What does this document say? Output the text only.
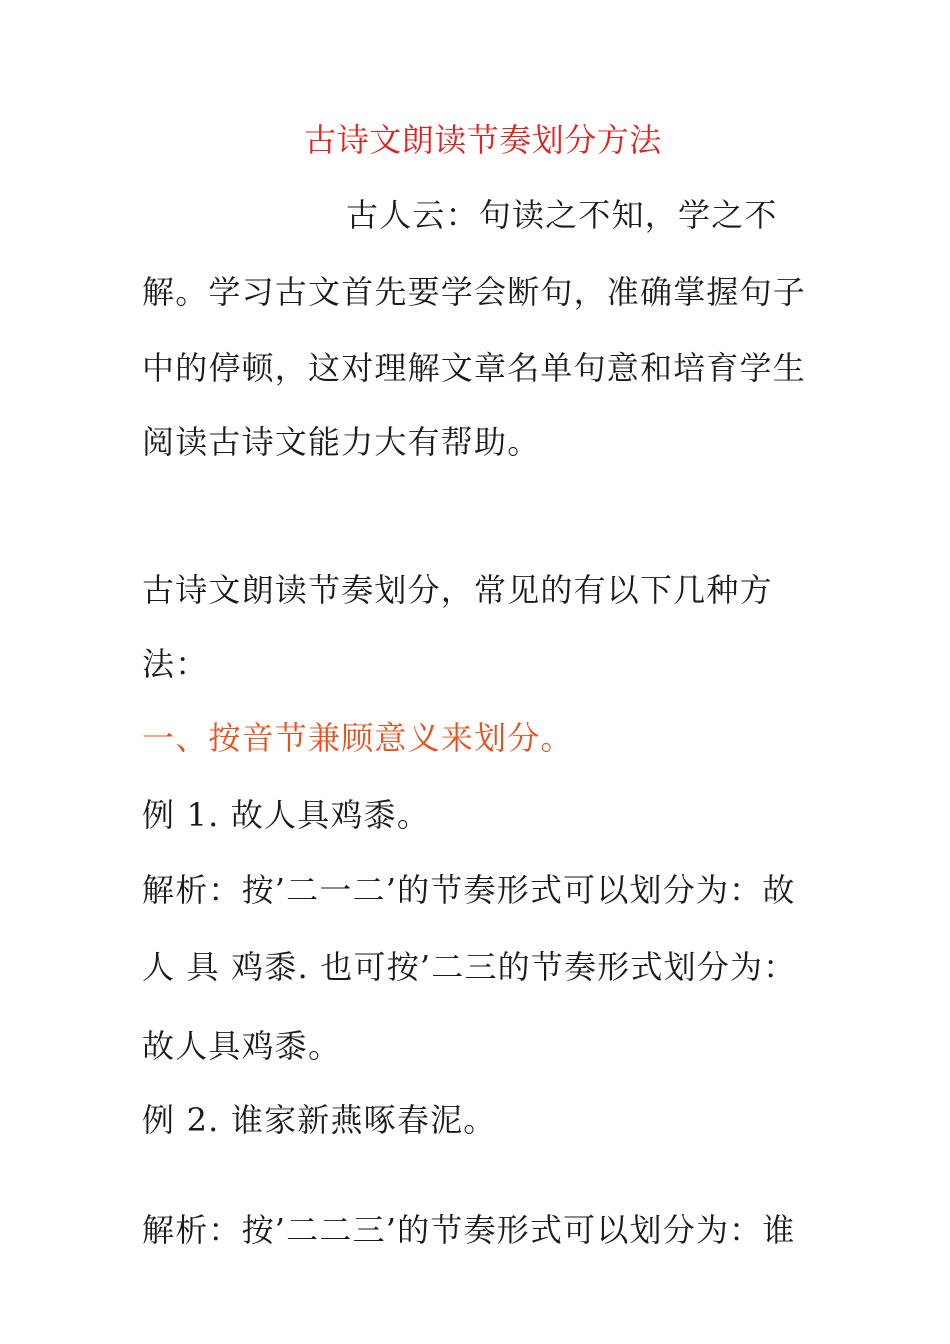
古诗文朗读节奏划分方法
古人云：句读之不知，学之不
解。学习古文首先要学会断句，准确掌握句子
中的停顿，这对理解文章名单句意和培育学生
阅读古诗文能力大有帮助。
古诗文朗读节奏划分，常见的有以下几种方
法：
一、按音节兼顾意义来划分。
例 1. 故人具鸡黍。
解析：按’二一二’的节奏形式可以划分为：故
人 具 鸡黍. 也可按’二三的节奏形式划分为：
故人具鸡黍。
例 2. 谁家新燕啄春泥。
解析：按’二二三’的节奏形式可以划分为：谁
